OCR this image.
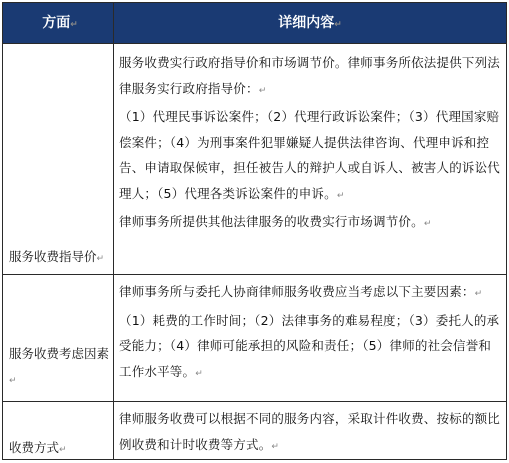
方面↵	详细内容↵
服务收费指导价↵

服务收费实行政府指导价和市场调节价。律师事务所依法提供下列法律服务实行政府指导价：↵

（1）代理民事诉讼案件；（2）代理行政诉讼案件；（3）代理国家赔偿案件；（4）为刑事案件犯罪嫌疑人提供法律咨询、代理申诉和控告、申请取保候审，担任被告人的辩护人或自诉人、被害人的诉讼代理人；（5）代理各类诉讼案件的申诉。↵

律师事务所提供其他法律服务的收费实行市场调节价。↵

服务收费考虑因素↵

律师事务所与委托人协商律师服务收费应当考虑以下主要因素：↵

（1）耗费的工作时间；（2）法律事务的难易程度；（3）委托人的承受能力；（4）律师可能承担的风险和责任；（5）律师的社会信誉和工作水平等。↵

收费方式↵

律师服务收费可以根据不同的服务内容，采取计件收费、按标的额比例收费和计时收费等方式。↵
